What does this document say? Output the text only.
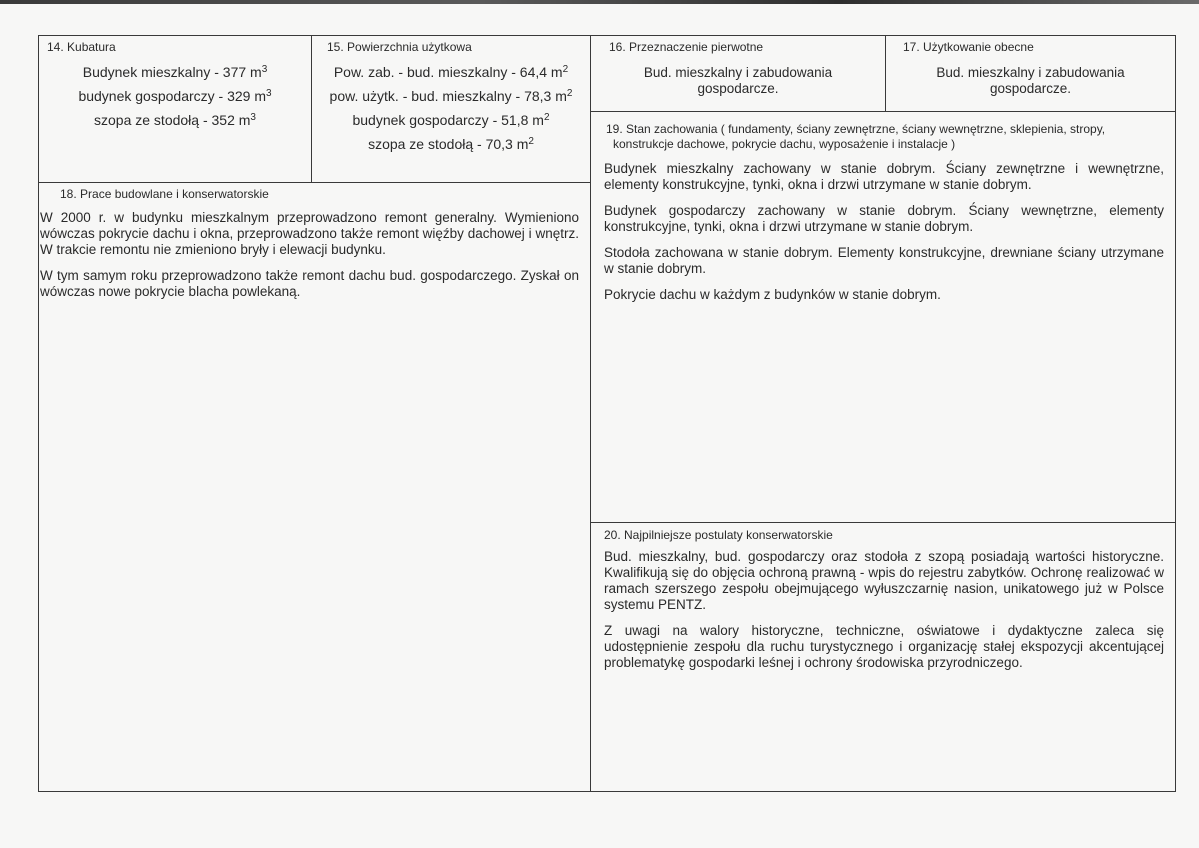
14. Kubatura
Budynek mieszkalny - 377 $m^3$
budynek gospodarczy - 329 $m^3$
szopa ze stodołą - 352 $m^3$
15. Powierzchnia użytkowa
Pow. zab. - bud. mieszkalny - 64,4 $m^2$
pow. użytk. - bud. mieszkalny - 78,3 $m^2$
budynek gospodarczy - 51,8 $m^2$
szopa ze stodołą - 70,3 $m^2$
18. Prace budowlane i konserwatorskie

W 2000 r. w budynku mieszkalnym przeprowadzono remont generalny. Wymieniono wówczas pokrycie dachu i okna, przeprowadzono także remont więźby dachowej i wnętrz. W trakcie remontu nie zmieniono bryły i elewacji budynku.

W tym samym roku przeprowadzono także remont dachu bud. gospodarczego. Zyskał on wówczas nowe pokrycie blacha powlekaną.

16. Przeznaczenie pierwotne
Bud. mieszkalny i zabudowania
gospodarcze.
17. Użytkowanie obecne
Bud. mieszkalny i zabudowania
gospodarcze.
19. Stan zachowania ( fundamenty, ściany zewnętrzne, ściany wewnętrzne, sklepienia, stropy,
konstrukcje dachowe, pokrycie dachu, wyposażenie i instalacje )

Budynek mieszkalny zachowany w stanie dobrym. Ściany zewnętrzne i wewnętrzne, elementy konstrukcyjne, tynki, okna i drzwi utrzymane w stanie dobrym.

Budynek gospodarczy zachowany w stanie dobrym. Ściany wewnętrzne, elementy konstrukcyjne, tynki, okna i drzwi utrzymane w stanie dobrym.

Stodoła zachowana w stanie dobrym. Elementy konstrukcyjne, drewniane ściany utrzymane w stanie dobrym.

Pokrycie dachu w każdym z budynków w stanie dobrym.

20. Najpilniejsze postulaty konserwatorskie

Bud. mieszkalny, bud. gospodarczy oraz stodoła z szopą posiadają wartości historyczne. Kwalifikują się do objęcia ochroną prawną - wpis do rejestru zabytków. Ochronę realizować w ramach szerszego zespołu obejmującego wyłuszczarnię nasion, unikatowego już w Polsce systemu PENTZ.

Z uwagi na walory historyczne, techniczne, oświatowe i dydaktyczne zaleca się udostępnienie zespołu dla ruchu turystycznego i organizację stałej ekspozycji akcentującej problematykę gospodarki leśnej i ochrony środowiska przyrodniczego.
